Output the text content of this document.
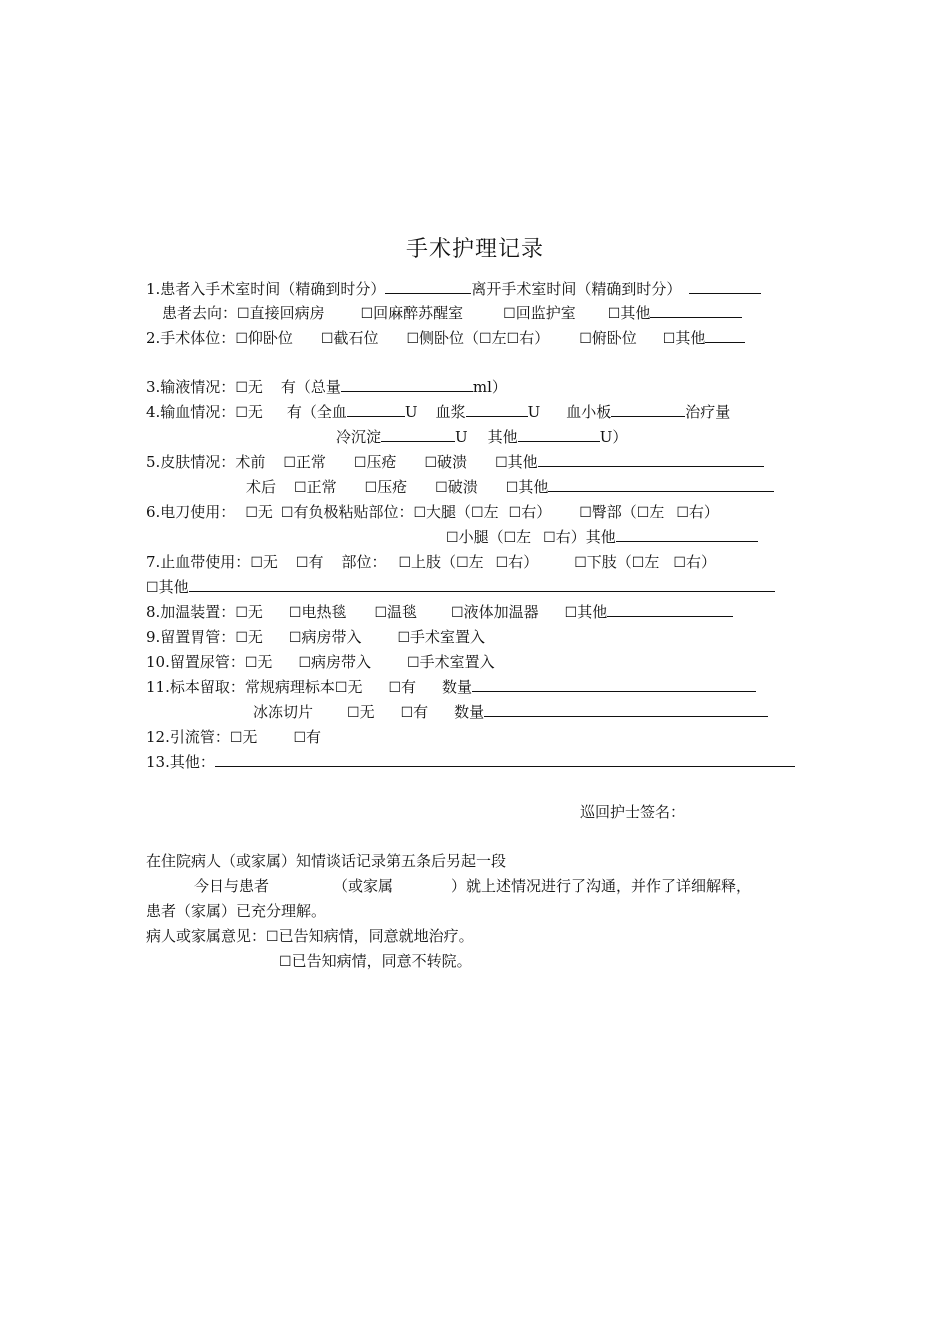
手术护理记录
1.患者入手术室时间（精确到时分）	离开手术室时间（精确到时分）
患者去向：☐直接回病房	☐回麻醉苏醒室	☐回监护室 ☐其他
2.手术体位：☐仰卧位 ☐截石位 ☐侧卧位（☐左☐右） ☐俯卧位 ☐其他
3.输液情况：☐无 有（总量	ml）
4.输血情况：☐无 有（全血	U 血浆	U 血小板	治疗量
冷沉淀	U 其他	U）
5.皮肤情况：术前 ☐正常 ☐压疮 ☐破溃 ☐其他
术后 ☐正常 ☐压疮 ☐破溃 ☐其他
6.电刀使用： ☐无 ☐有负极粘贴部位：☐大腿（☐左 ☐右） ☐臀部（☐左 ☐右）
☐小腿（☐左 ☐右）其他
7.止血带使用：☐无 ☐有 部位： ☐上肢（☐左 ☐右）	☐下肢（☐左 ☐右）
☐其他
8.加温装置：☐无 ☐电热毯 ☐温毯 ☐液体加温器 ☐其他
9.留置胃管：☐无 ☐病房带入	☐手术室置入
10.留置尿管：☐无 ☐病房带入	☐手术室置入
11.标本留取：常规病理标本☐无 ☐有 数量
冰冻切片 ☐无 ☐有 数量
12.引流管：☐无	☐有
13.其他：
巡回护士签名：
在住院病人（或家属）知情谈话记录第五条后另起一段
今日与患者	（或家属	）就上述情况进行了沟通，并作了详细解释，
患者（家属）已充分理解。
病人或家属意见：☐已告知病情，同意就地治疗。
☐已告知病情，同意不转院。
